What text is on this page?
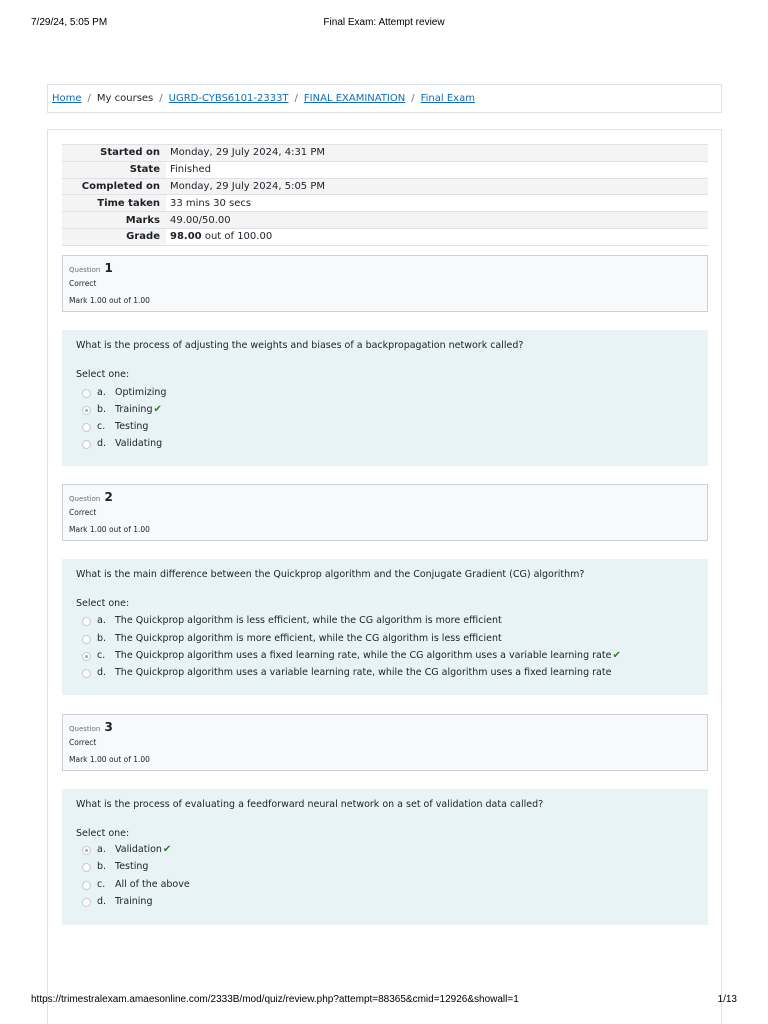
7/29/24, 5:05 PM	Final Exam: Attempt review
Home / My courses / UGRD-CYBS6101-2333T / FINAL EXAMINATION / Final Exam
Started on	Monday, 29 July 2024, 4:31 PM
State	Finished
Completed on	Monday, 29 July 2024, 5:05 PM
Time taken	33 mins 30 secs
Marks	49.00/50.00
Grade	98.00 out of 100.00
Question 1
Correct
Mark 1.00 out of 1.00
What is the process of adjusting the weights and biases of a backpropagation network called?
Select one:
a. Optimizing
b. Training✔
c. Testing
d. Validating
Question 2
Correct
Mark 1.00 out of 1.00
What is the main difference between the Quickprop algorithm and the Conjugate Gradient (CG) algorithm?
Select one:
a. The Quickprop algorithm is less efficient, while the CG algorithm is more efficient
b. The Quickprop algorithm is more efficient, while the CG algorithm is less efficient
c. The Quickprop algorithm uses a fixed learning rate, while the CG algorithm uses a variable learning rate✔
d. The Quickprop algorithm uses a variable learning rate, while the CG algorithm uses a fixed learning rate
Question 3
Correct
Mark 1.00 out of 1.00
What is the process of evaluating a feedforward neural network on a set of validation data called?
Select one:
a. Validation✔
b. Testing
c. All of the above
d. Training
https://trimestralexam.amaesonline.com/2333B/mod/quiz/review.php?attempt=88365&cmid=12926&showall=1	1/13
